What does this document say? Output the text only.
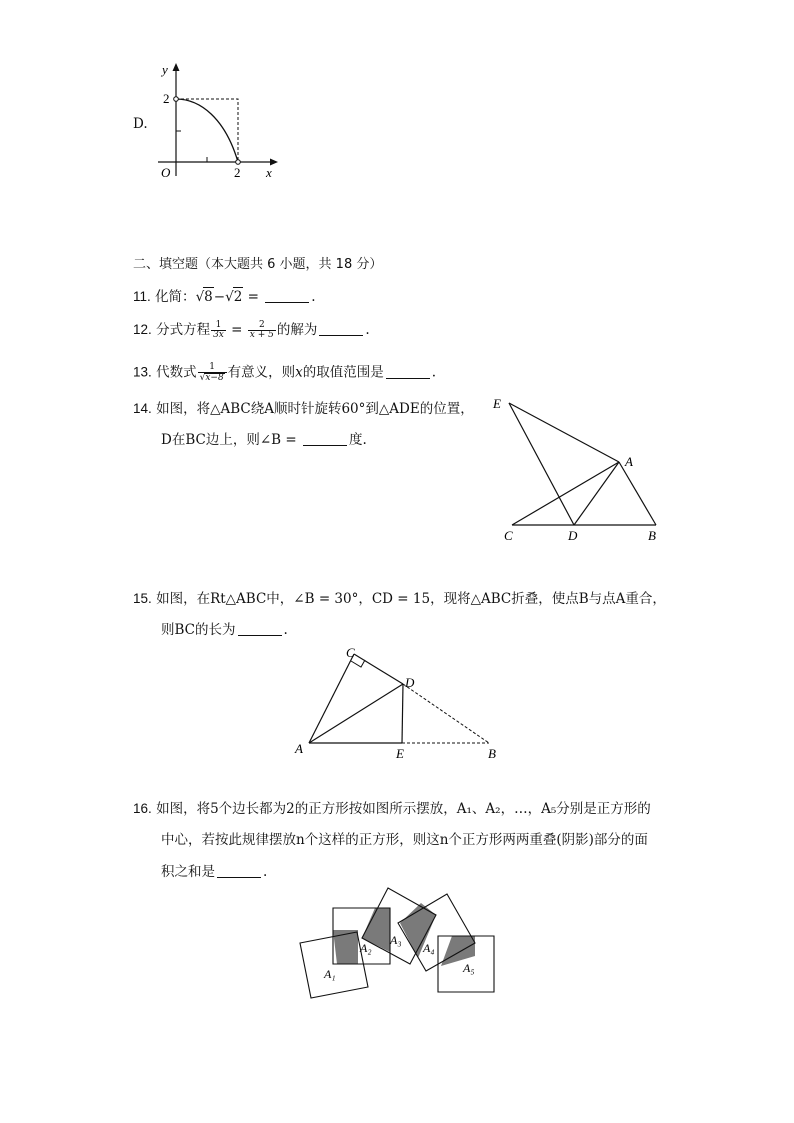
D.
y
x
O
2
2
二、填空题（本大题共 6 小题，共 18 分）
11. 化简：√8−√2 =	.
12. 分式方程 $\frac{1}{3x} = \frac{2}{x + 5}$ 的解为	.
13. 代数式 $\frac{1}{√x-8}$ 有意义，则x的取值范围是	.
14. 如图，将△ABC绕A顺时针旋转60°到△ADE的位置，
D在BC边上，则∠B =	度.
E
A
C	D	B
15. 如图，在Rt△ABC中，∠B = 30°，CD = 15，现将△ABC折叠，使点B与点A重合，
则BC的长为	.
C
D
A	E	B
16. 如图，将5个边长都为2的正方形按如图所示摆放，A₁、A₂，…，A₅分别是正方形的
中心，若按此规律摆放n个这样的正方形，则这n个正方形两两重叠(阴影)部分的面
积之和是	.
A₁
A₂
A₃
A₄
A₅
